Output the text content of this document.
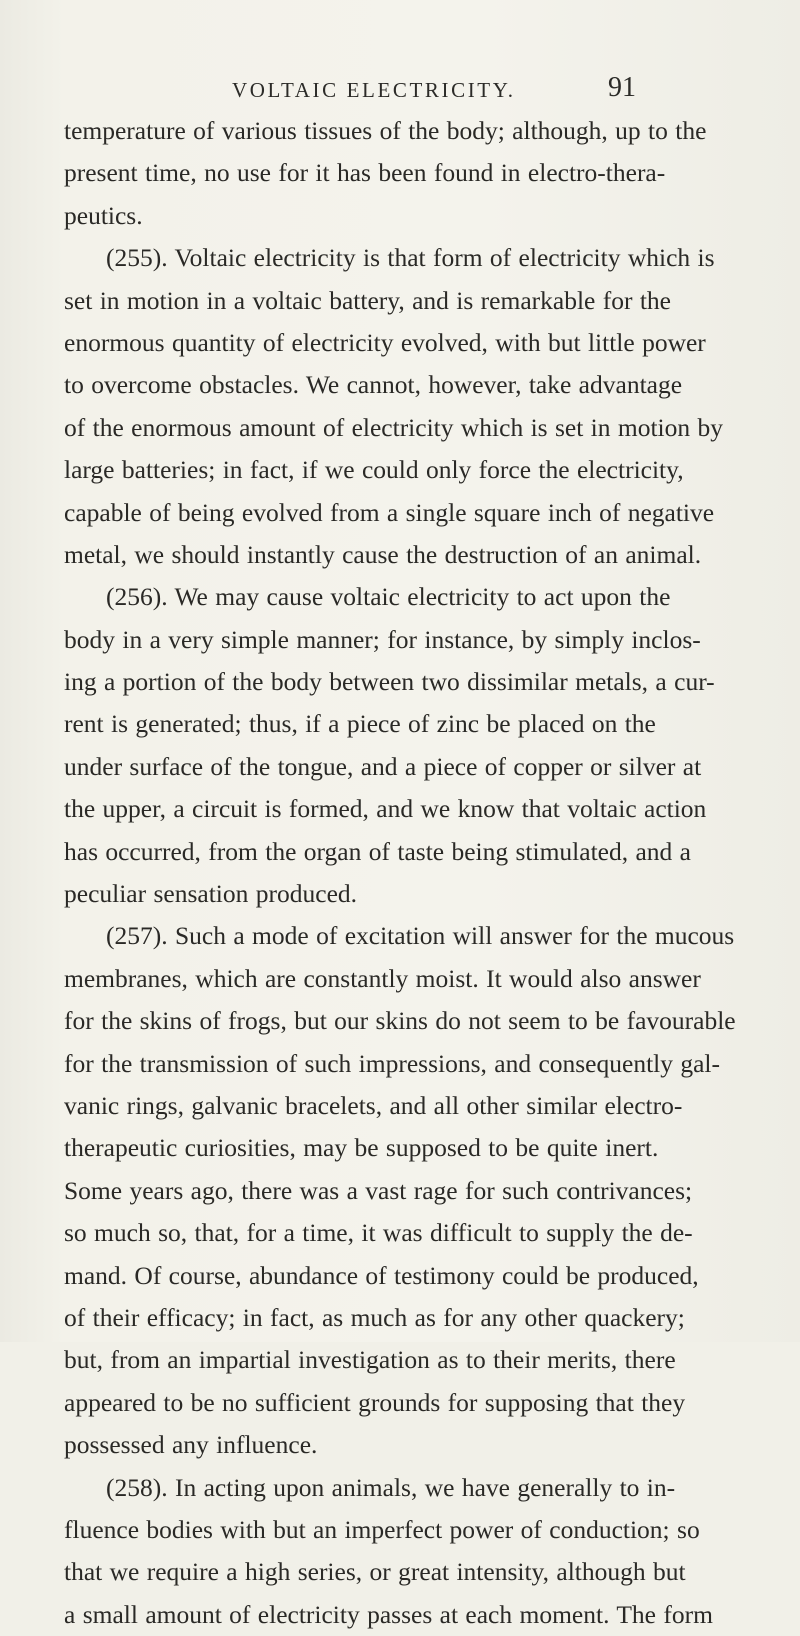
VOLTAIC ELECTRICITY.	91
temperature of various tissues of the body; although, up to the
present time, no use for it has been found in electro-thera-
peutics.
(255). Voltaic electricity is that form of electricity which is
set in motion in a voltaic battery, and is remarkable for the
enormous quantity of electricity evolved, with but little power
to overcome obstacles. We cannot, however, take advantage
of the enormous amount of electricity which is set in motion by
large batteries; in fact, if we could only force the electricity,
capable of being evolved from a single square inch of negative
metal, we should instantly cause the destruction of an animal.
(256). We may cause voltaic electricity to act upon the
body in a very simple manner; for instance, by simply inclos-
ing a portion of the body between two dissimilar metals, a cur-
rent is generated; thus, if a piece of zinc be placed on the
under surface of the tongue, and a piece of copper or silver at
the upper, a circuit is formed, and we know that voltaic action
has occurred, from the organ of taste being stimulated, and a
peculiar sensation produced.
(257). Such a mode of excitation will answer for the mucous
membranes, which are constantly moist. It would also answer
for the skins of frogs, but our skins do not seem to be favourable
for the transmission of such impressions, and consequently gal-
vanic rings, galvanic bracelets, and all other similar electro-
therapeutic curiosities, may be supposed to be quite inert.
Some years ago, there was a vast rage for such contrivances;
so much so, that, for a time, it was difficult to supply the de-
mand. Of course, abundance of testimony could be produced,
of their efficacy; in fact, as much as for any other quackery;
but, from an impartial investigation as to their merits, there
appeared to be no sufficient grounds for supposing that they
possessed any influence.
(258). In acting upon animals, we have generally to in-
fluence bodies with but an imperfect power of conduction; so
that we require a high series, or great intensity, although but
a small amount of electricity passes at each moment. The form
